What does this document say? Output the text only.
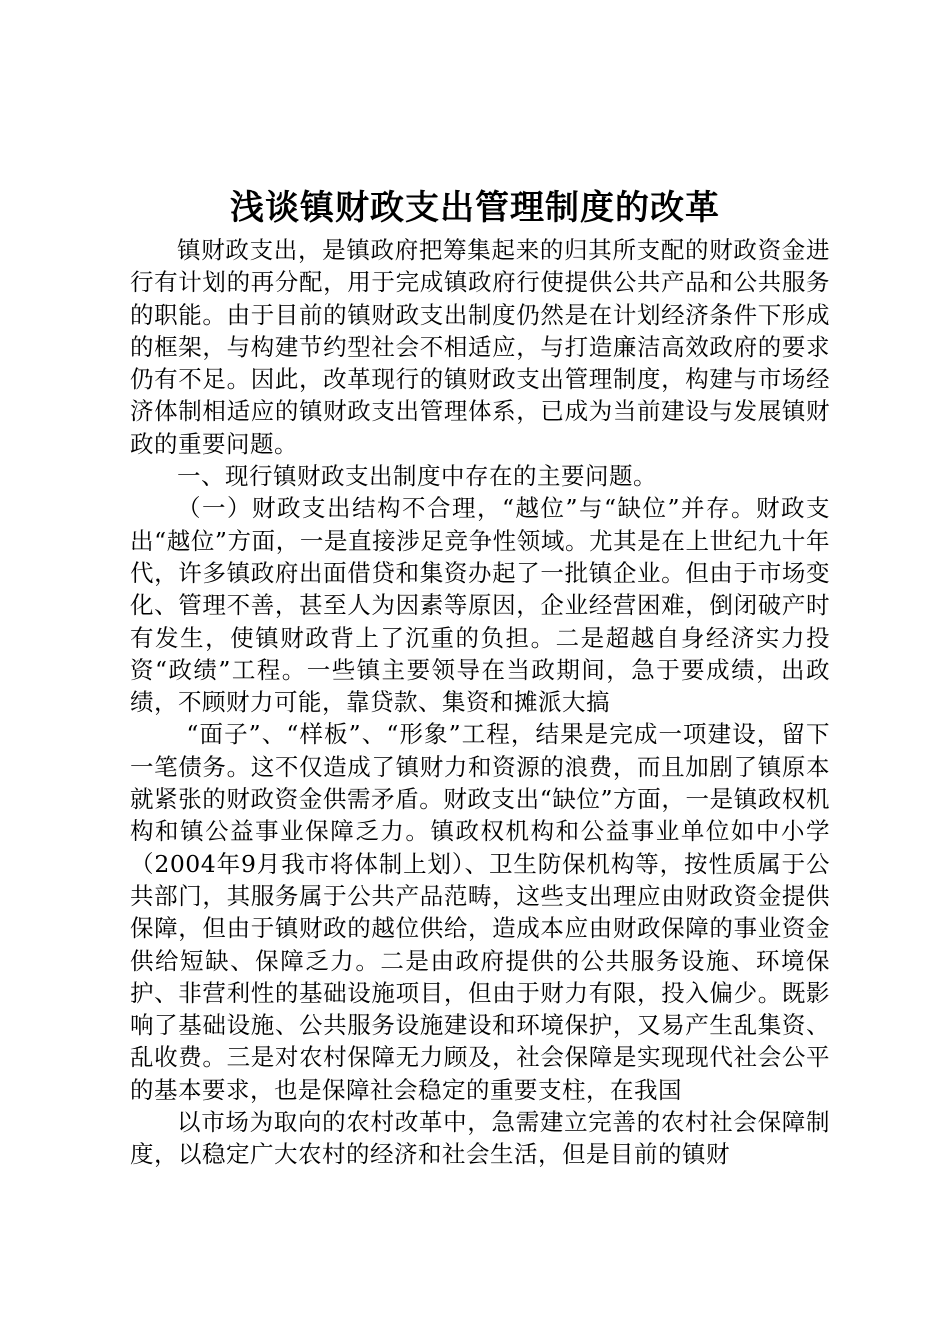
浅谈镇财政支出管理制度的改革

镇财政支出，是镇政府把筹集起来的归其所支配的财政资金进行有计划的再分配，用于完成镇政府行使提供公共产品和公共服务的职能。由于目前的镇财政支出制度仍然是在计划经济条件下形成的框架，与构建节约型社会不相适应，与打造廉洁高效政府的要求仍有不足。因此，改革现行的镇财政支出管理制度，构建与市场经济体制相适应的镇财政支出管理体系，已成为当前建设与发展镇财政的重要问题。

一、现行镇财政支出制度中存在的主要问题。

（一）财政支出结构不合理，“越位”与“缺位”并存。财政支出“越位”方面，一是直接涉足竞争性领域。尤其是在上世纪九十年代，许多镇政府出面借贷和集资办起了一批镇企业。但由于市场变化、管理不善，甚至人为因素等原因，企业经营困难，倒闭破产时有发生，使镇财政背上了沉重的负担。二是超越自身经济实力投资“政绩”工程。一些镇主要领导在当政期间，急于要成绩，出政绩，不顾财力可能，靠贷款、集资和摊派大搞

“面子”、“样板”、“形象”工程，结果是完成一项建设，留下一笔债务。这不仅造成了镇财力和资源的浪费，而且加剧了镇原本就紧张的财政资金供需矛盾。财政支出“缺位”方面，一是镇政权机构和镇公益事业保障乏力。镇政权机构和公益事业单位如中小学（2004年9月我市将体制上划）、卫生防保机构等，按性质属于公共部门，其服务属于公共产品范畴，这些支出理应由财政资金提供保障，但由于镇财政的越位供给，造成本应由财政保障的事业资金供给短缺、保障乏力。二是由政府提供的公共服务设施、环境保护、非营利性的基础设施项目，但由于财力有限，投入偏少。既影响了基础设施、公共服务设施建设和环境保护，又易产生乱集资、乱收费。三是对农村保障无力顾及，社会保障是实现现代社会公平的基本要求，也是保障社会稳定的重要支柱，在我国

以市场为取向的农村改革中，急需建立完善的农村社会保障制度，以稳定广大农村的经济和社会生活，但是目前的镇财
